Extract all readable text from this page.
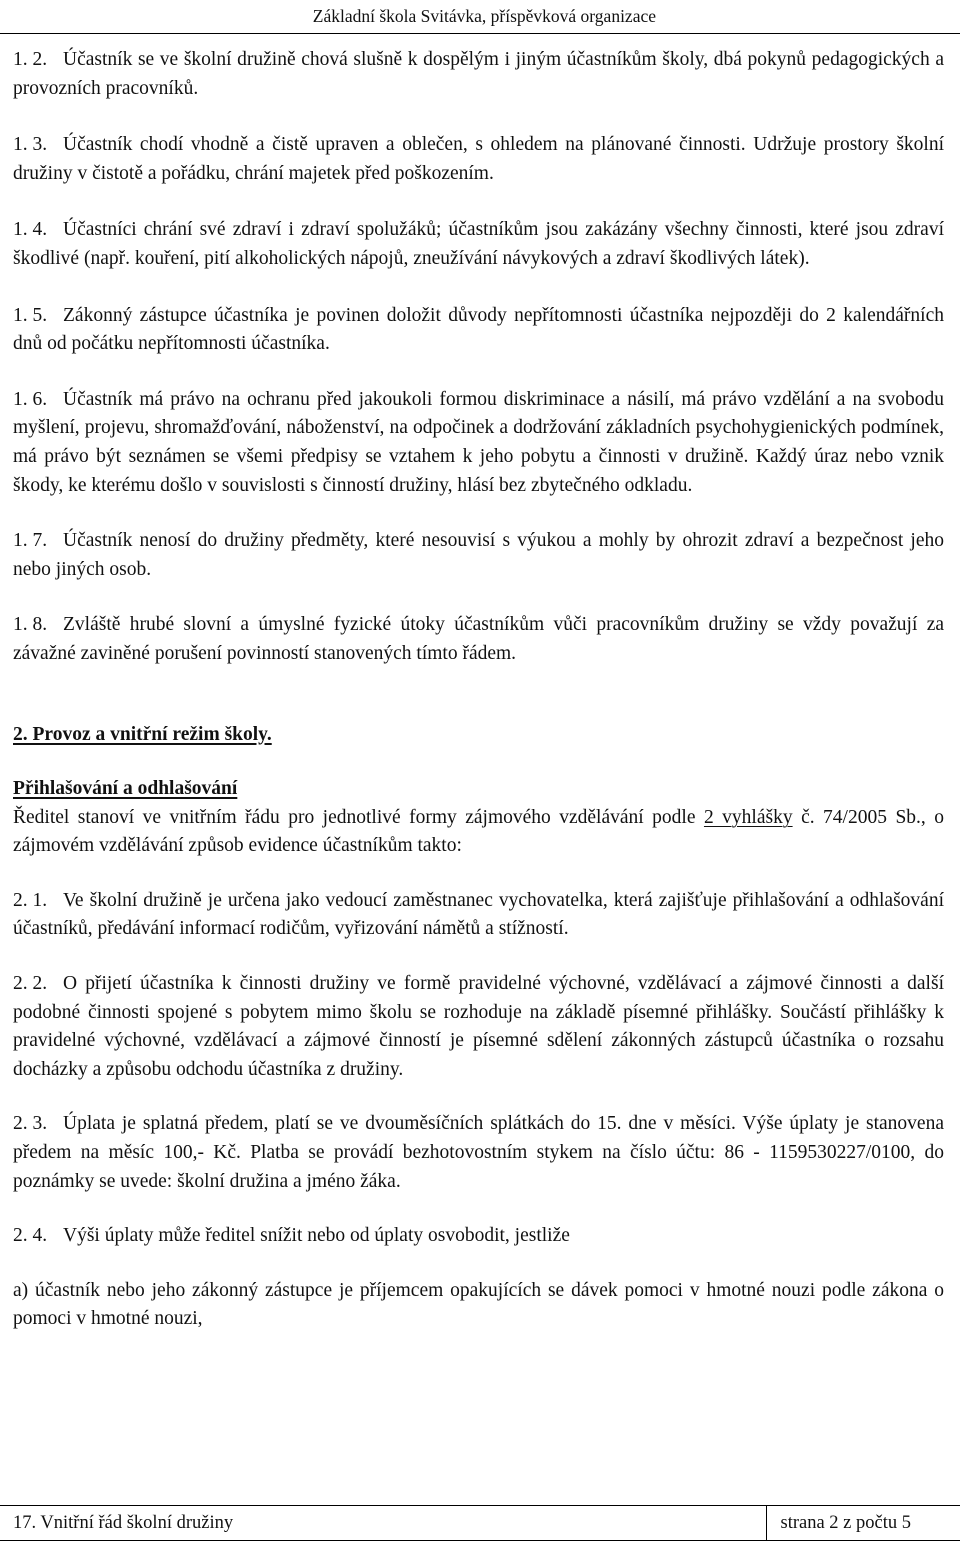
Základní škola Svitávka, příspěvková organizace

1. 2. Účastník se ve školní družině chová slušně k dospělým i jiným účastníkům školy, dbá pokynů pedagogických a provozních pracovníků.

1. 3. Účastník chodí vhodně a čistě upraven a oblečen, s ohledem na plánované činnosti. Udržuje prostory školní družiny v čistotě a pořádku, chrání majetek před poškozením.

1. 4. Účastníci chrání své zdraví i zdraví spolužáků; účastníkům jsou zakázány všechny činnosti, které jsou zdraví škodlivé (např. kouření, pití alkoholických nápojů, zneužívání návykových a zdraví škodlivých látek).

1. 5. Zákonný zástupce účastníka je povinen doložit důvody nepřítomnosti účastníka nejpozději do 2 kalendářních dnů od počátku nepřítomnosti účastníka.

1. 6. Účastník má právo na ochranu před jakoukoli formou diskriminace a násilí, má právo vzdělání a na svobodu myšlení, projevu, shromažďování, náboženství, na odpočinek a dodržování základních psychohygienických podmínek, má právo být seznámen se všemi předpisy se vztahem k jeho pobytu a činnosti v družině. Každý úraz nebo vznik škody, ke kterému došlo v souvislosti s činností družiny, hlásí bez zbytečného odkladu.

1. 7. Účastník nenosí do družiny předměty, které nesouvisí s výukou a mohly by ohrozit zdraví a bezpečnost jeho nebo jiných osob.

1. 8. Zvláště hrubé slovní a úmyslné fyzické útoky účastníkům vůči pracovníkům družiny se vždy považují za závažné zaviněné porušení povinností stanovených tímto řádem.

2. Provoz a vnitřní režim školy.

Přihlašování a odhlašování

Ředitel stanoví ve vnitřním řádu pro jednotlivé formy zájmového vzdělávání podle 2 vyhlášky č. 74/2005 Sb., o zájmovém vzdělávání způsob evidence účastníkům takto:

2. 1. Ve školní družině je určena jako vedoucí zaměstnanec vychovatelka, která zajišťuje přihlašování a odhlašování účastníků, předávání informací rodičům, vyřizování námětů a stížností.

2. 2. O přijetí účastníka k činnosti družiny ve formě pravidelné výchovné, vzdělávací a zájmové činnosti a další podobné činnosti spojené s pobytem mimo školu se rozhoduje na základě písemné přihlášky. Součástí přihlášky k pravidelné výchovné, vzdělávací a zájmové činností je písemné sdělení zákonných zástupců účastníka o rozsahu docházky a způsobu odchodu účastníka z družiny.

2. 3. Úplata je splatná předem, platí se ve dvouměsíčních splátkách do 15. dne v měsíci. Výše úplaty je stanovena předem na měsíc 100,- Kč. Platba se provádí bezhotovostním stykem na číslo účtu: 86 - 1159530227/0100, do poznámky se uvede: školní družina a jméno žáka.

2. 4. Výši úplaty může ředitel snížit nebo od úplaty osvobodit, jestliže

a) účastník nebo jeho zákonný zástupce je příjemcem opakujících se dávek pomoci v hmotné nouzi podle zákona o pomoci v hmotné nouzi,

17. Vnitřní řád školní družiny	strana 2 z počtu 5
